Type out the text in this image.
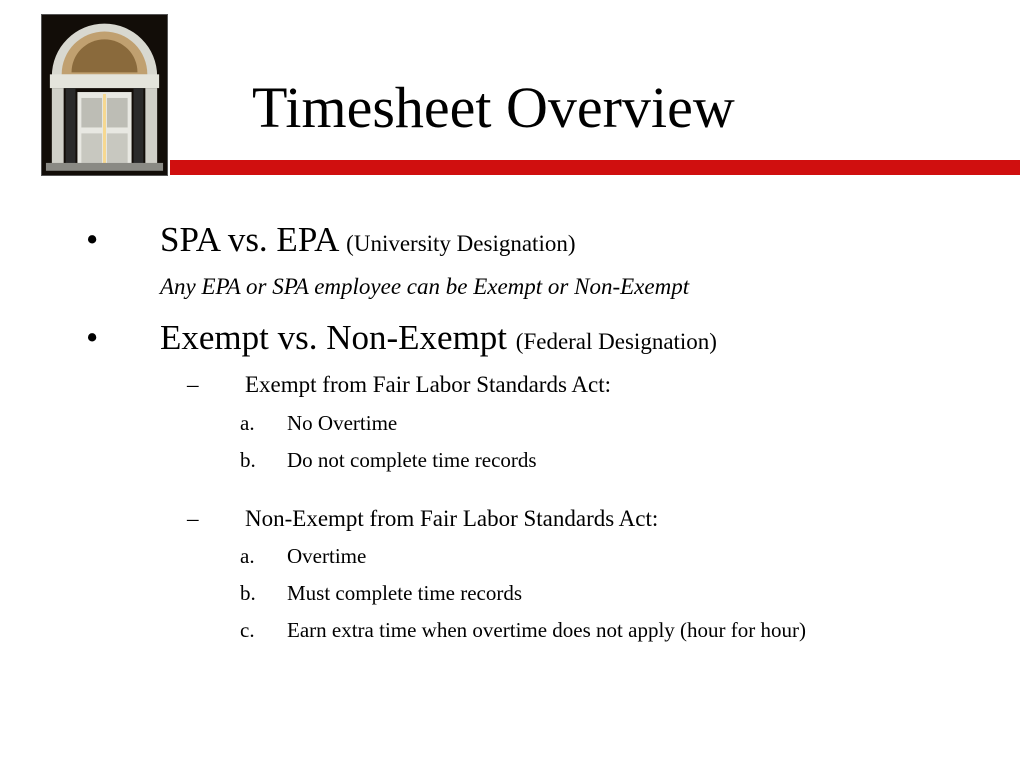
Timesheet Overview
• SPA vs. EPA (University Designation)
Any EPA or SPA employee can be Exempt or Non-Exempt
• Exempt vs. Non-Exempt (Federal Designation)
– Exempt from Fair Labor Standards Act:
a. No Overtime
b. Do not complete time records
– Non-Exempt from Fair Labor Standards Act:
a. Overtime
b. Must complete time records
c. Earn extra time when overtime does not apply (hour for hour)
